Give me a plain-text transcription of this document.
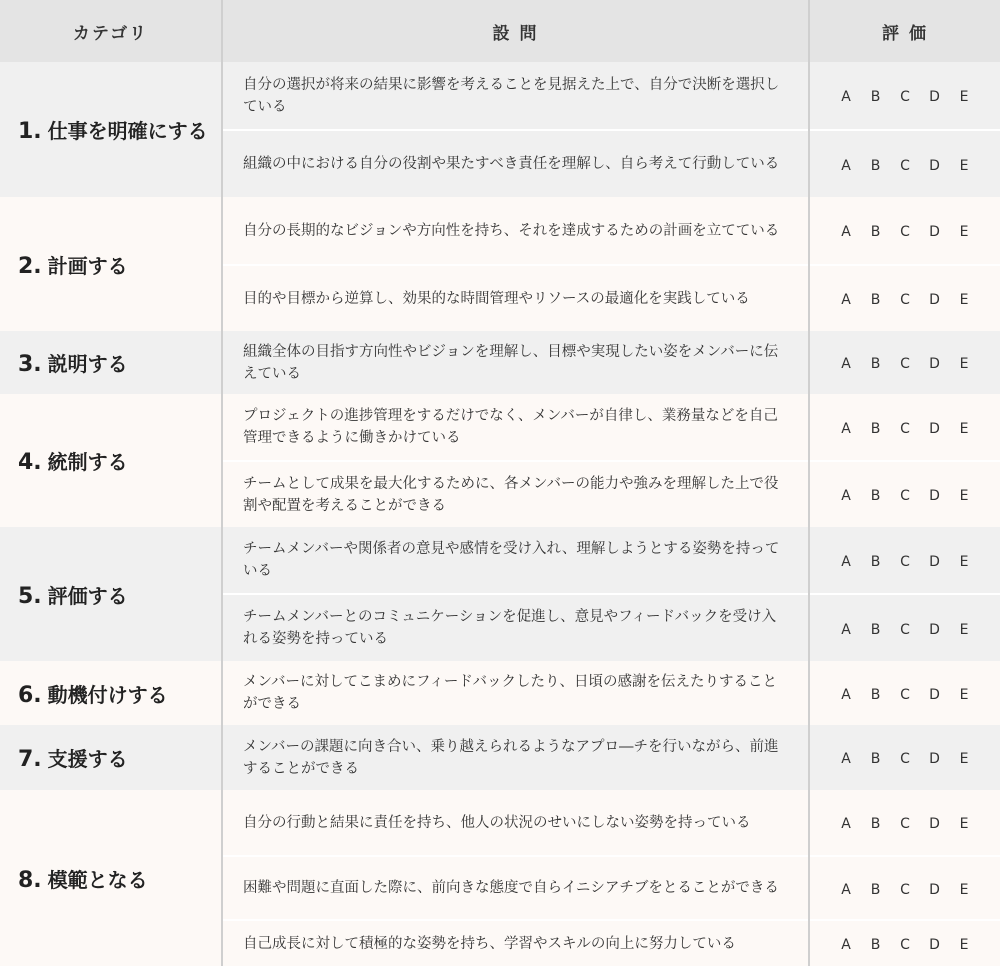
カテゴリ	設 問	評 価
1. 仕事を明確にする	自分の選択が将来の結果に影響を考えることを見据えた上で、自分で決断を選択している	A B C D E
	組織の中における自分の役割や果たすべき責任を理解し、自ら考えて行動している	A B C D E
2. 計画する	自分の長期的なビジョンや方向性を持ち、それを達成するための計画を立てている	A B C D E
	目的や目標から逆算し、効果的な時間管理やリソースの最適化を実践している	A B C D E
3. 説明する	組織全体の目指す方向性やビジョンを理解し、目標や実現したい姿をメンバーに伝えている	A B C D E
4. 統制する	プロジェクトの進捗管理をするだけでなく、メンバーが自律し、業務量などを自己管理できるように働きかけている	A B C D E
	チームとして成果を最大化するために、各メンバーの能力や強みを理解した上で役割や配置を考えることができる	A B C D E
5. 評価する	チームメンバーや関係者の意見や感情を受け入れ、理解しようとする姿勢を持っている	A B C D E
	チームメンバーとのコミュニケーションを促進し、意見やフィードバックを受け入れる姿勢を持っている	A B C D E
6. 動機付けする	メンバーに対してこまめにフィードバックしたり、日頃の感謝を伝えたりすることができる	A B C D E
7. 支援する	メンバーの課題に向き合い、乗り越えられるようなアプロ―チを行いながら、前進することができる	A B C D E
8. 模範となる	自分の行動と結果に責任を持ち、他人の状況のせいにしない姿勢を持っている	A B C D E
	困難や問題に直面した際に、前向きな態度で自らイニシアチブをとることができる	A B C D E
	自己成長に対して積極的な姿勢を持ち、学習やスキルの向上に努力している	A B C D E
